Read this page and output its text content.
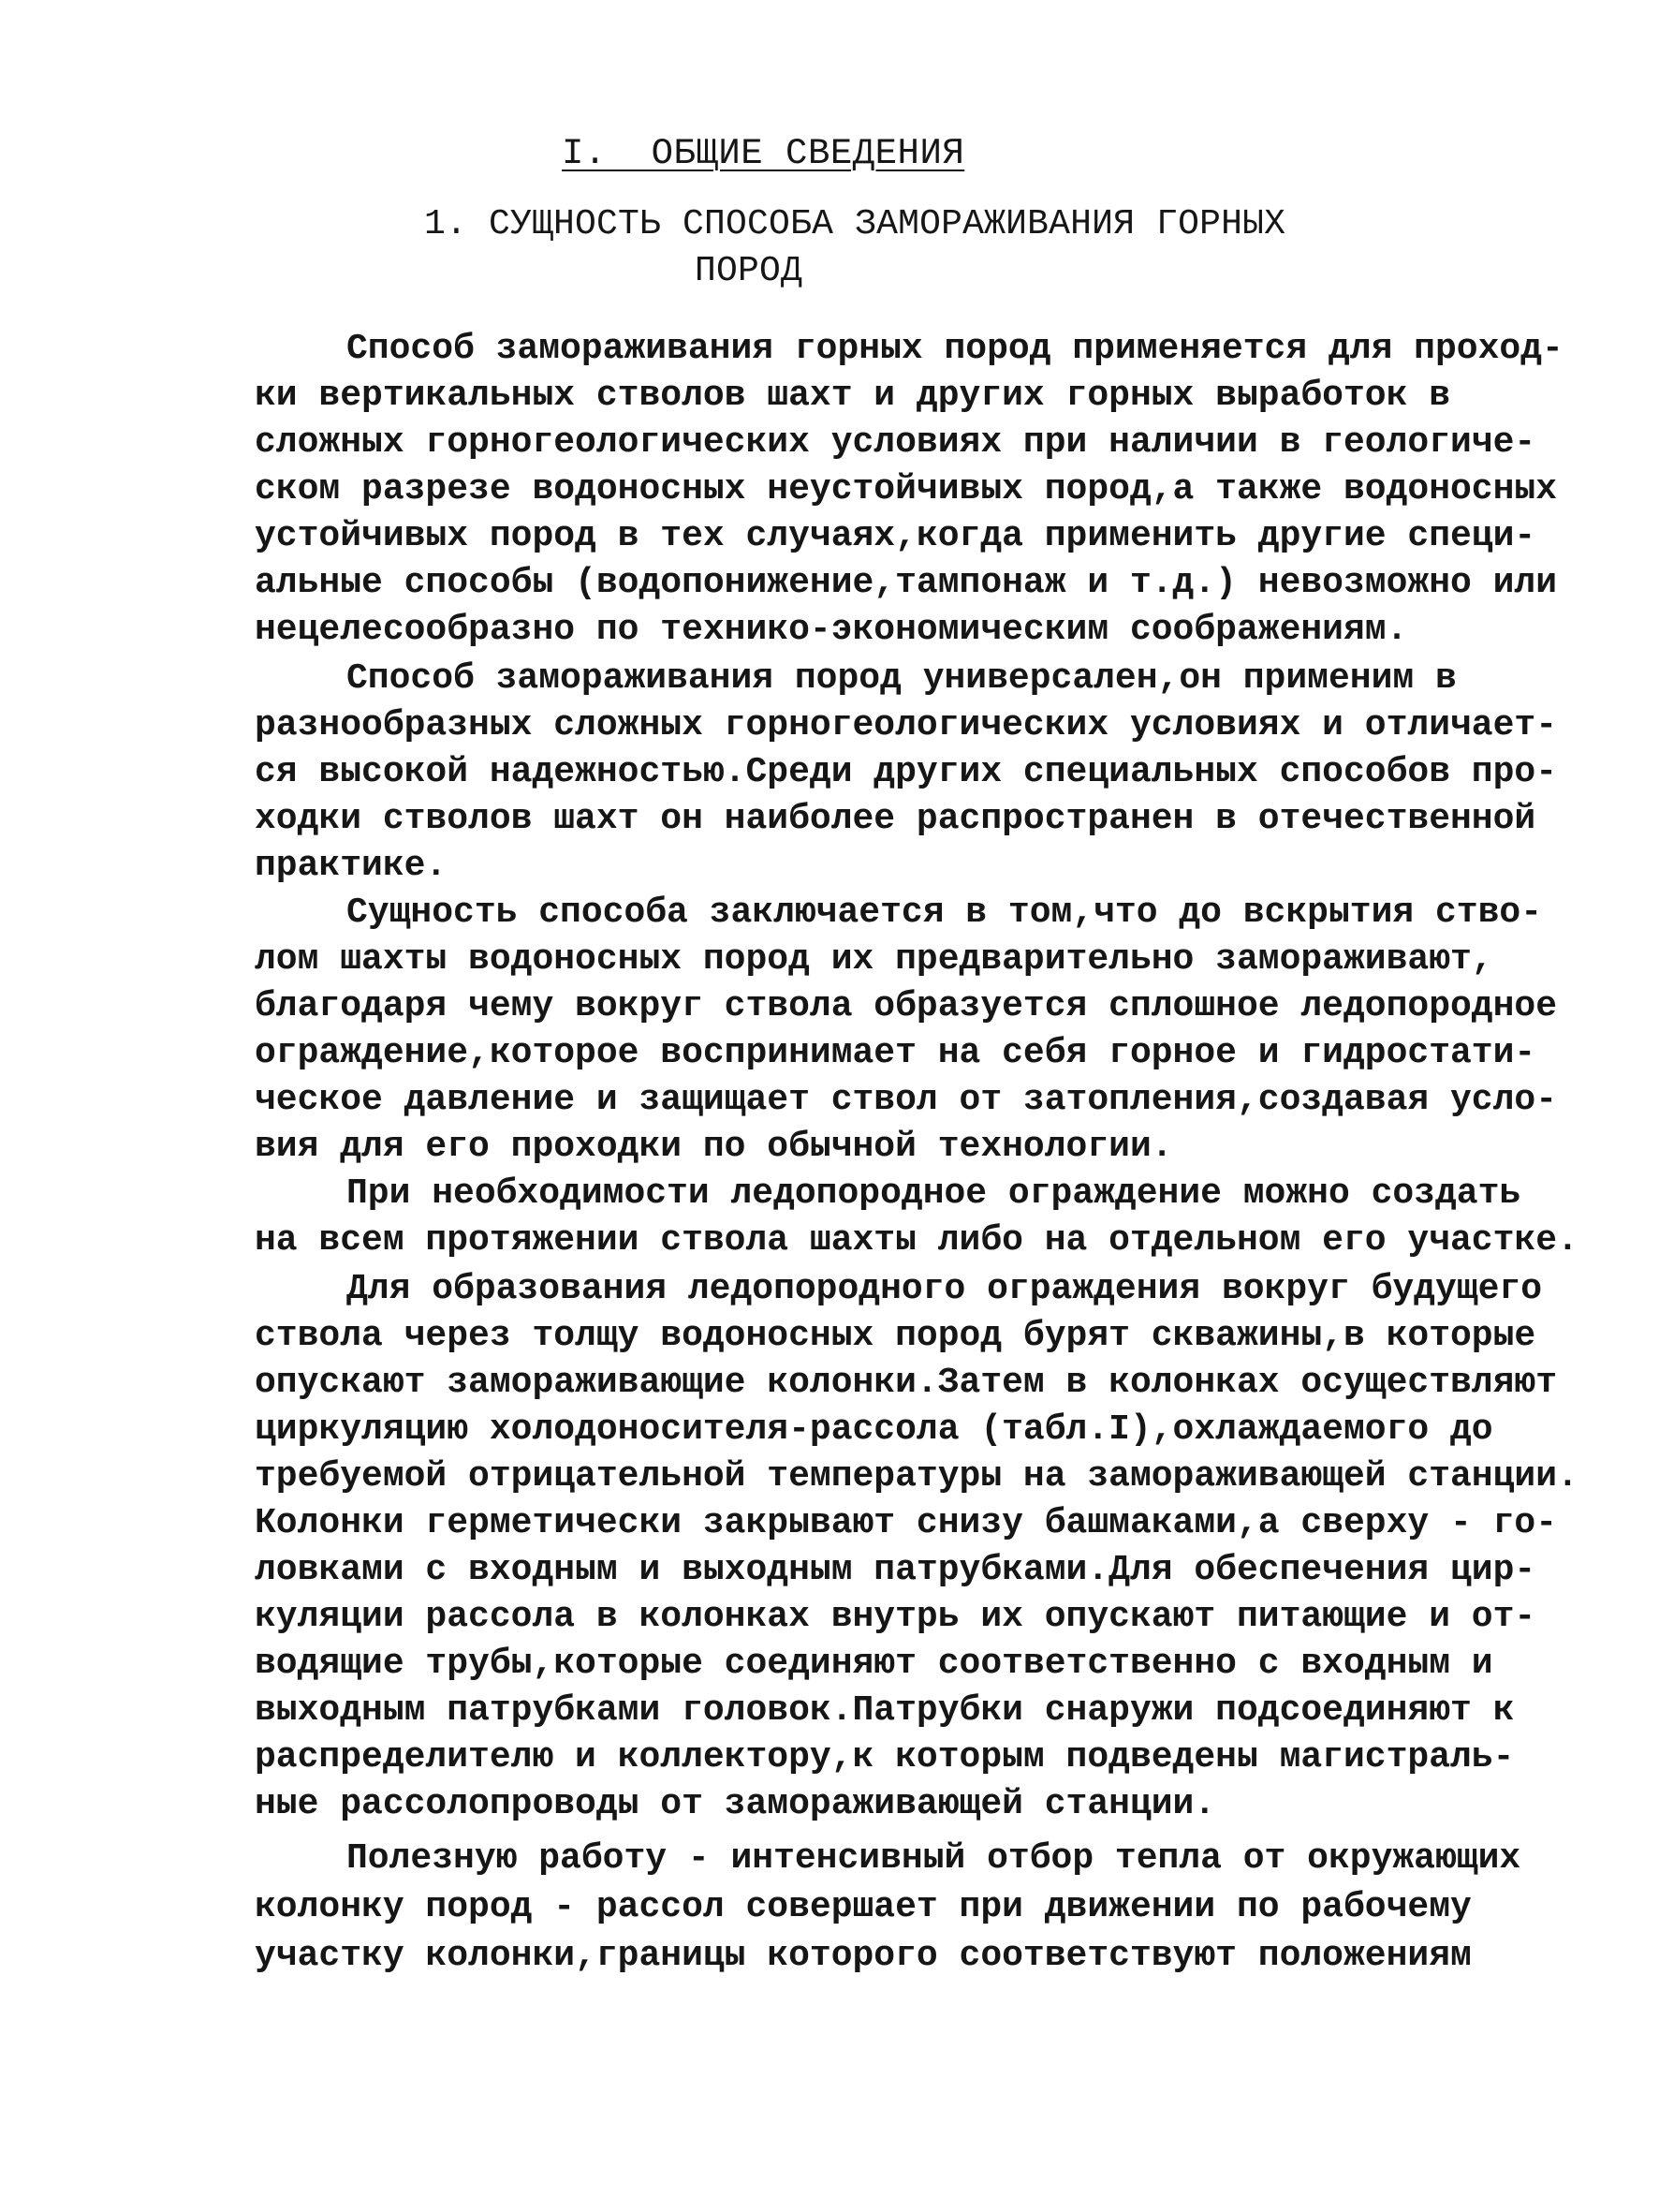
I.  ОБЩИЕ СВЕДЕНИЯ
1. СУЩНОСТЬ СПОСОБА ЗАМОРАЖИВАНИЯ ГОРНЫХ
ПОРОД
Способ замораживания горных пород применяется для проход-
ки вертикальных стволов шахт и других горных выработок в
сложных горногеологических условиях при наличии в геологиче-
ском разрезе водоносных неустойчивых пород,а также водоносных
устойчивых пород в тех случаях,когда применить другие специ-
альные способы (водопонижение,тампонаж и т.д.) невозможно или
нецелесообразно по технико-экономическим соображениям.
Способ замораживания пород универсален,он применим в
разнообразных сложных горногеологических условиях и отличает-
ся высокой надежностью.Среди других специальных способов про-
ходки стволов шахт он наиболее распространен в отечественной
практике.
Сущность способа заключается в том,что до вскрытия ство-
лом шахты водоносных пород их предварительно замораживают,
благодаря чему вокруг ствола образуется сплошное ледопородное
ограждение,которое воспринимает на себя горное и гидростати-
ческое давление и защищает ствол от затопления,создавая усло-
вия для его проходки по обычной технологии.
При необходимости ледопородное ограждение можно создать
на всем протяжении ствола шахты либо на отдельном его участке.
Для образования ледопородного ограждения вокруг будущего
ствола через толщу водоносных пород бурят скважины,в которые
опускают замораживающие колонки.Затем в колонках осуществляют
циркуляцию холодоносителя-рассола (табл.I),охлаждаемого до
требуемой отрицательной температуры на замораживающей станции.
Колонки герметически закрывают снизу башмаками,а сверху - го-
ловками с входным и выходным патрубками.Для обеспечения цир-
куляции рассола в колонках внутрь их опускают питающие и от-
водящие трубы,которые соединяют соответственно с входным и
выходным патрубками головок.Патрубки снаружи подсоединяют к
распределителю и коллектору,к которым подведены магистраль-
ные рассолопроводы от замораживающей станции.
Полезную работу - интенсивный отбор тепла от окружающих
колонку пород - рассол совершает при движении по рабочему
участку колонки,границы которого соответствуют положениям
